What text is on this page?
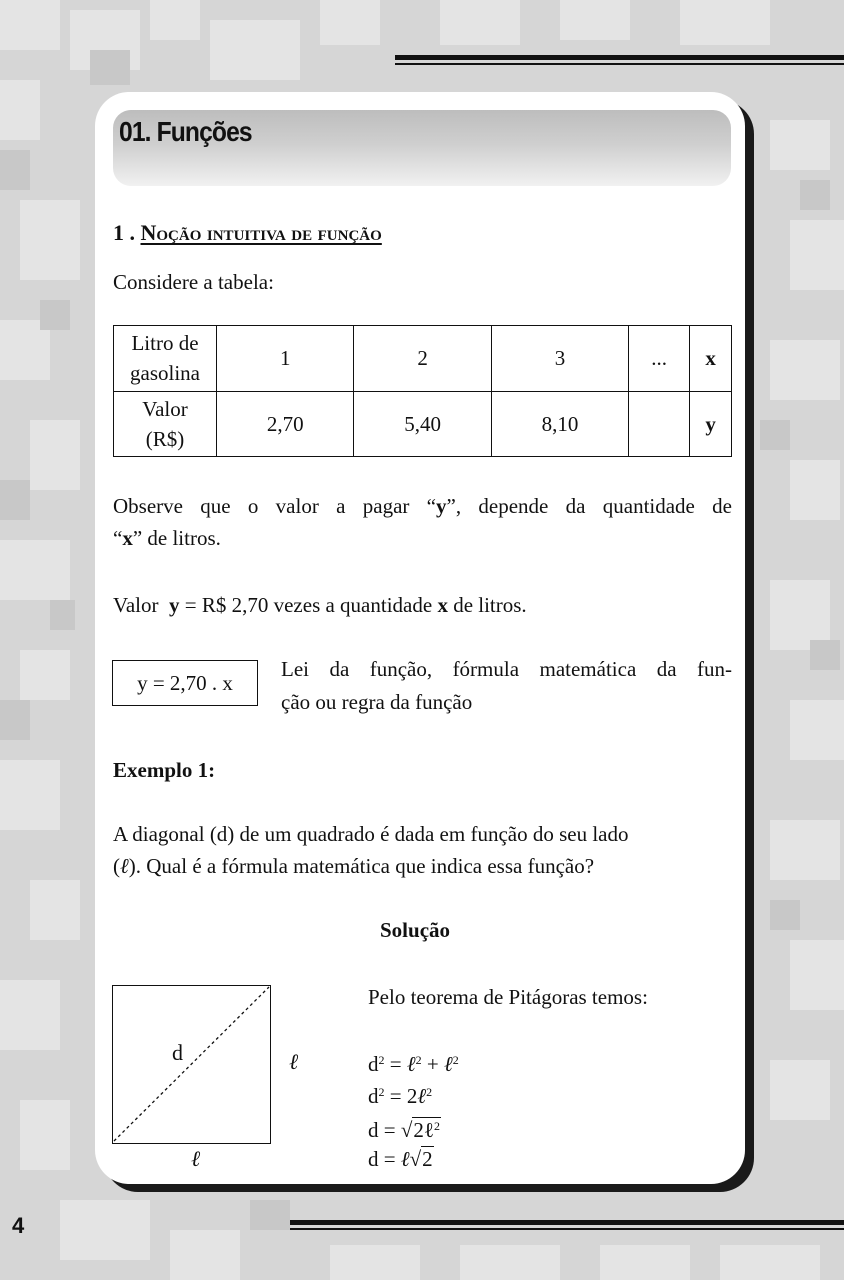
01. Funções
1 . Noção intuitiva de função
Considere a tabela:
Litro de
gasolina	1	2	3	...	x
Valor
(R$)	2,70	5,40	8,10		y
Observe que o valor a pagar “y”, depende da quantidade de
“x” de litros.
Valor  y = R$ 2,70 vezes a quantidade x de litros.
y = 2,70 . x
Lei da função, fórmula matemática da fun-
ção ou regra da função
Exemplo 1:
A diagonal (d) de um quadrado é dada em função do seu lado
(ℓ). Qual é a fórmula matemática que indica essa função?
Solução
d	ℓ
ℓ
Pelo teorema de Pitágoras temos:
$d^2$ = ℓ$^2$ + ℓ$^2$
$d^2$ = 2ℓ$^2$
d = √2ℓ$^2$
d = ℓ√2
4
